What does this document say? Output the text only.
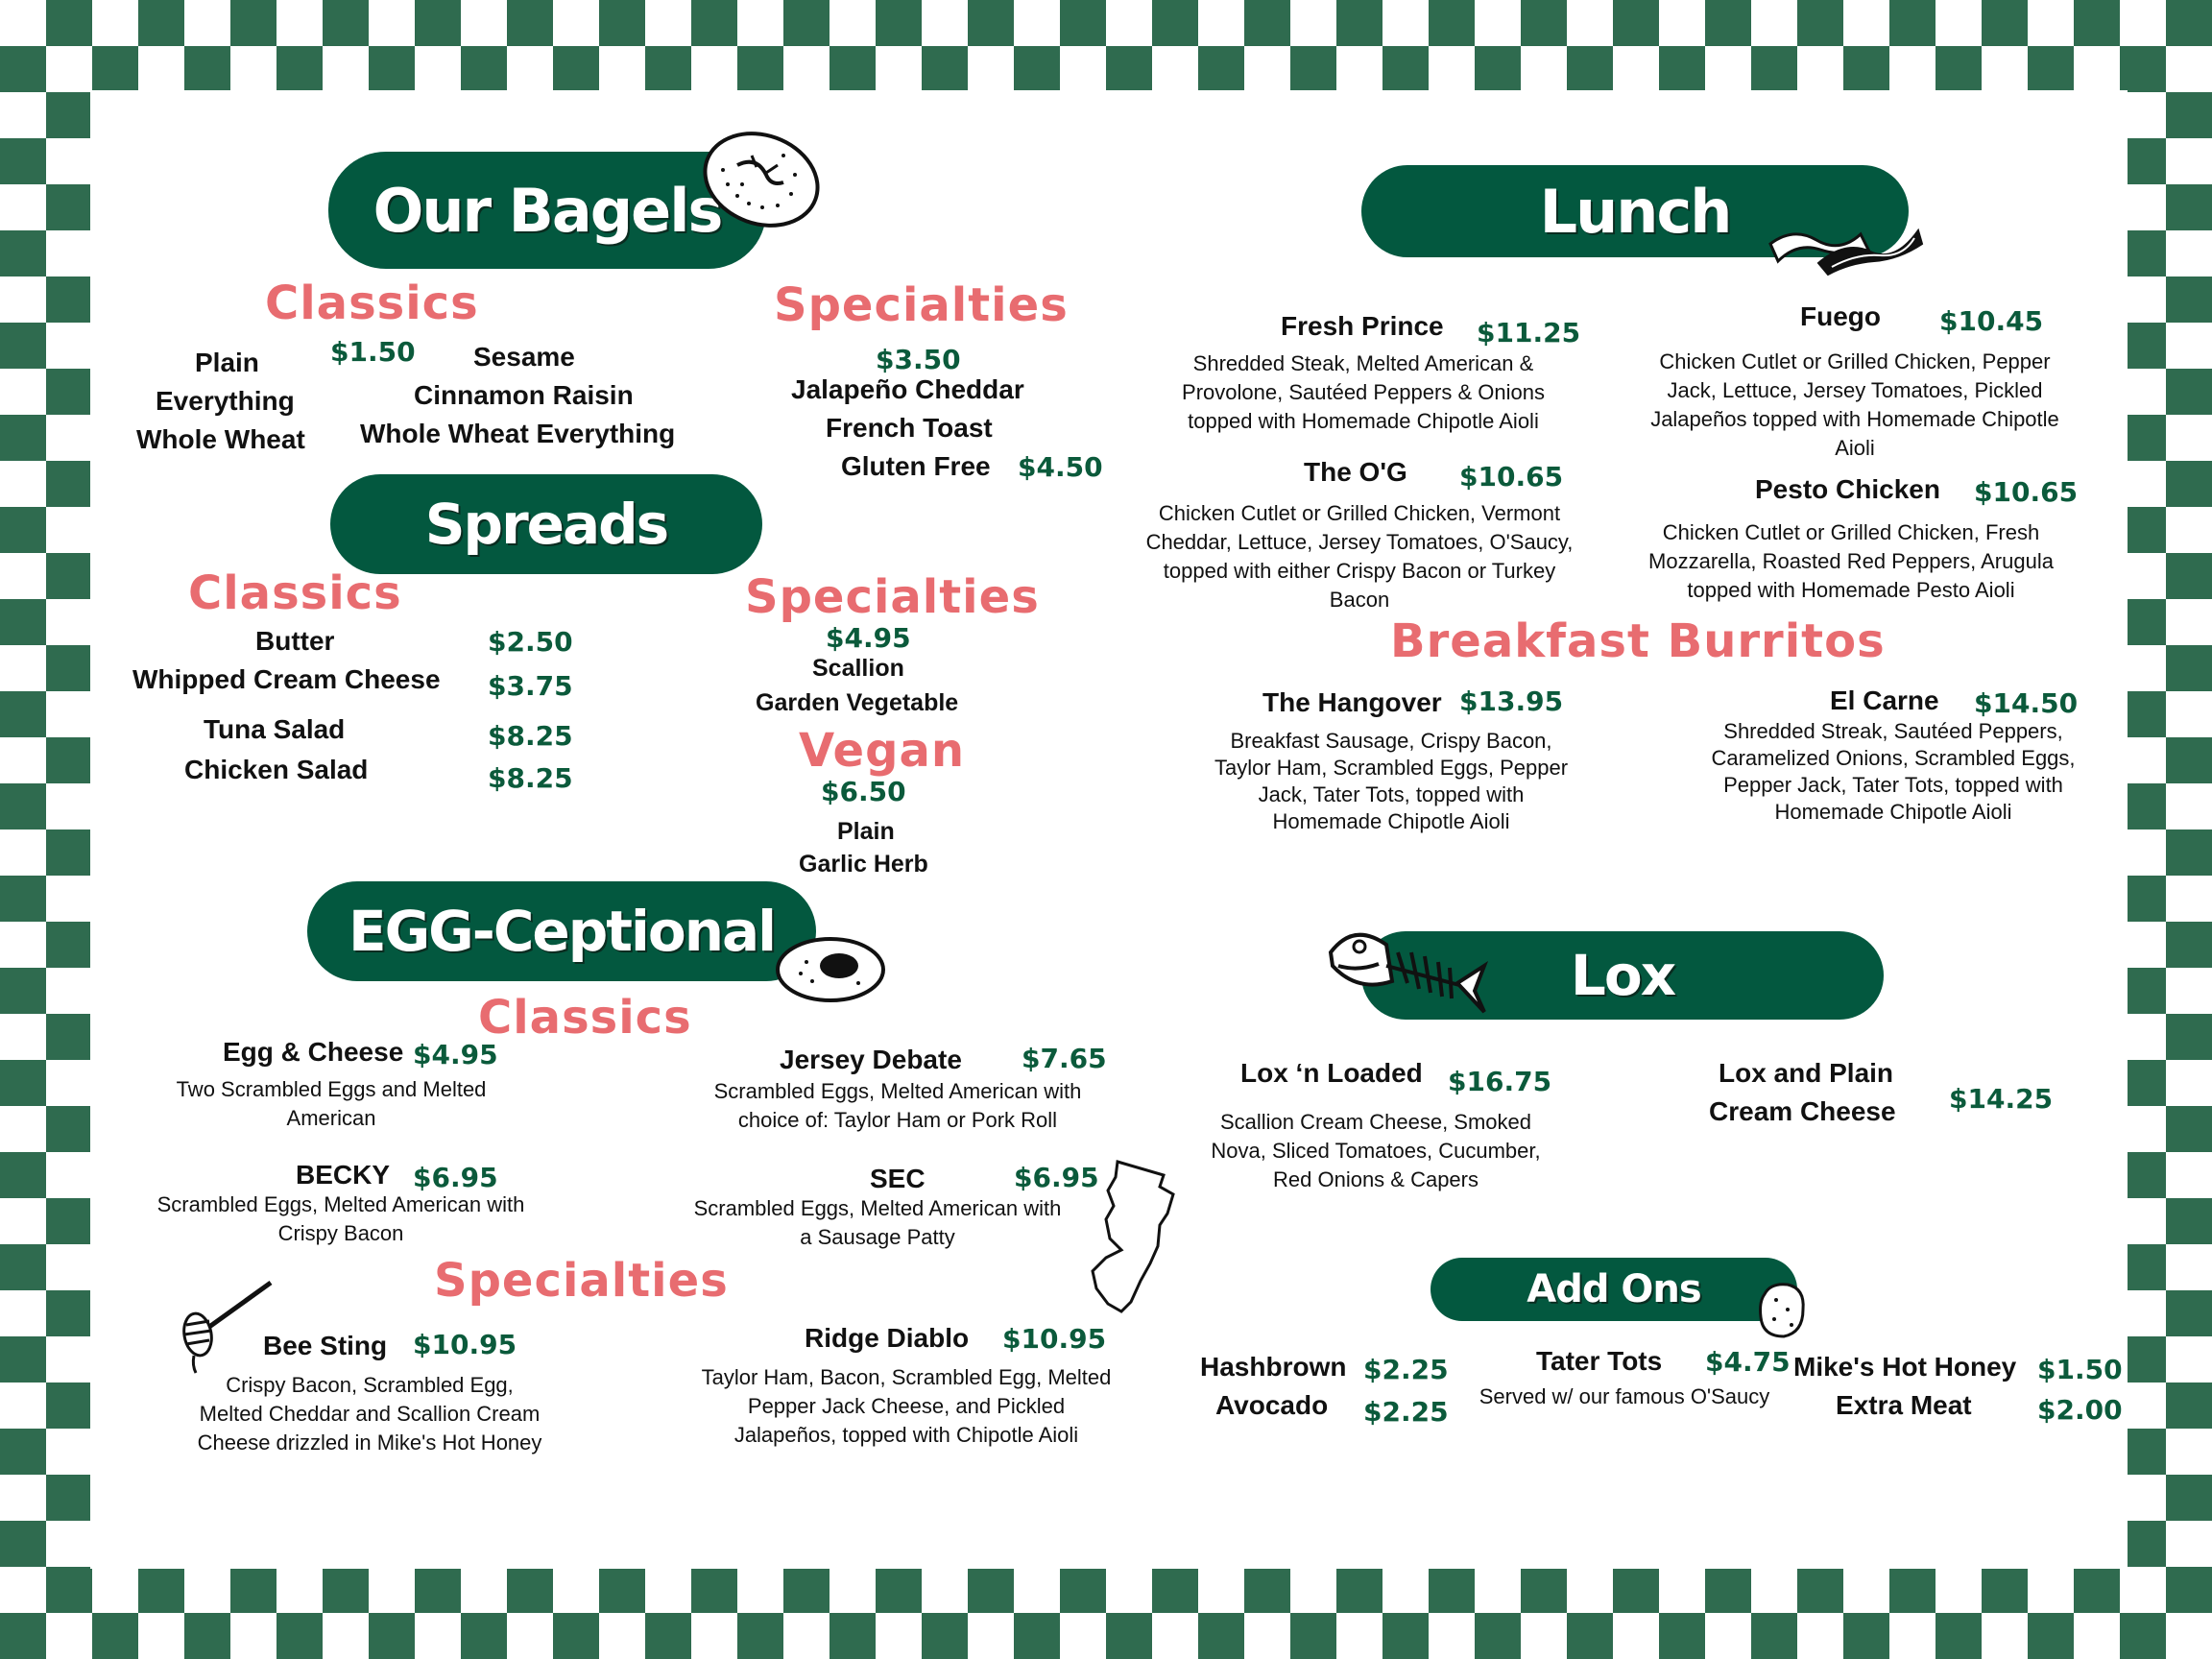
Our Bagels
Classics
$1.50
Plain
Everything
Whole Wheat
Sesame
Cinnamon Raisin
Whole Wheat Everything
Specialties
$3.50
Jalapeño Cheddar
French Toast
Gluten Free $4.50
Spreads
Classics
Butter	$2.50
Whipped Cream Cheese $3.75
Tuna Salad	$8.25
Chicken Salad	$8.25
Specialties
$4.95
Scallion
Garden Vegetable
Vegan
$6.50
Plain
Garlic Herb
EGG-Ceptional
Classics
Egg & Cheese $4.95
Two Scrambled Eggs and Melted American
Jersey Debate $7.65
Scrambled Eggs, Melted American with choice of: Taylor Ham or Pork Roll
BECKY $6.95
Scrambled Eggs, Melted American with Crispy Bacon
SEC	$6.95
Scrambled Eggs, Melted American with a Sausage Patty
Specialties
Bee Sting $10.95
Crispy Bacon, Scrambled Egg, Melted Cheddar and Scallion Cream Cheese drizzled in Mike's Hot Honey
Ridge Diablo $10.95
Taylor Ham, Bacon, Scrambled Egg, Melted Pepper Jack Cheese, and Pickled Jalapeños, topped with Chipotle Aioli
Lunch
Fresh Prince $11.25
Shredded Steak, Melted American & Provolone, Sautéed Peppers & Onions topped with Homemade Chipotle Aioli
Fuego $10.45
Chicken Cutlet or Grilled Chicken, Pepper Jack, Lettuce, Jersey Tomatoes, Pickled Jalapeños topped with Homemade Chipotle Aioli
The O'G $10.65
Chicken Cutlet or Grilled Chicken, Vermont Cheddar, Lettuce, Jersey Tomatoes, O'Saucy, topped with either Crispy Bacon or Turkey Bacon
Pesto Chicken $10.65
Chicken Cutlet or Grilled Chicken, Fresh Mozzarella, Roasted Red Peppers, Arugula topped with Homemade Pesto Aioli
Breakfast Burritos
The Hangover $13.95
Breakfast Sausage, Crispy Bacon, Taylor Ham, Scrambled Eggs, Pepper Jack, Tater Tots, topped with Homemade Chipotle Aioli
El Carne $14.50
Shredded Streak, Sautéed Peppers, Caramelized Onions, Scrambled Eggs, Pepper Jack, Tater Tots, topped with Homemade Chipotle Aioli
Lox
Lox ‘n Loaded $16.75
Scallion Cream Cheese, Smoked Nova, Sliced Tomatoes, Cucumber, Red Onions & Capers
Lox and Plain
Cream Cheese $14.25
Add Ons
Hashbrown $2.25
Avocado $2.25
Tater Tots $4.75
Served w/ our famous O'Saucy
Mike's Hot Honey $1.50
Extra Meat $2.00
